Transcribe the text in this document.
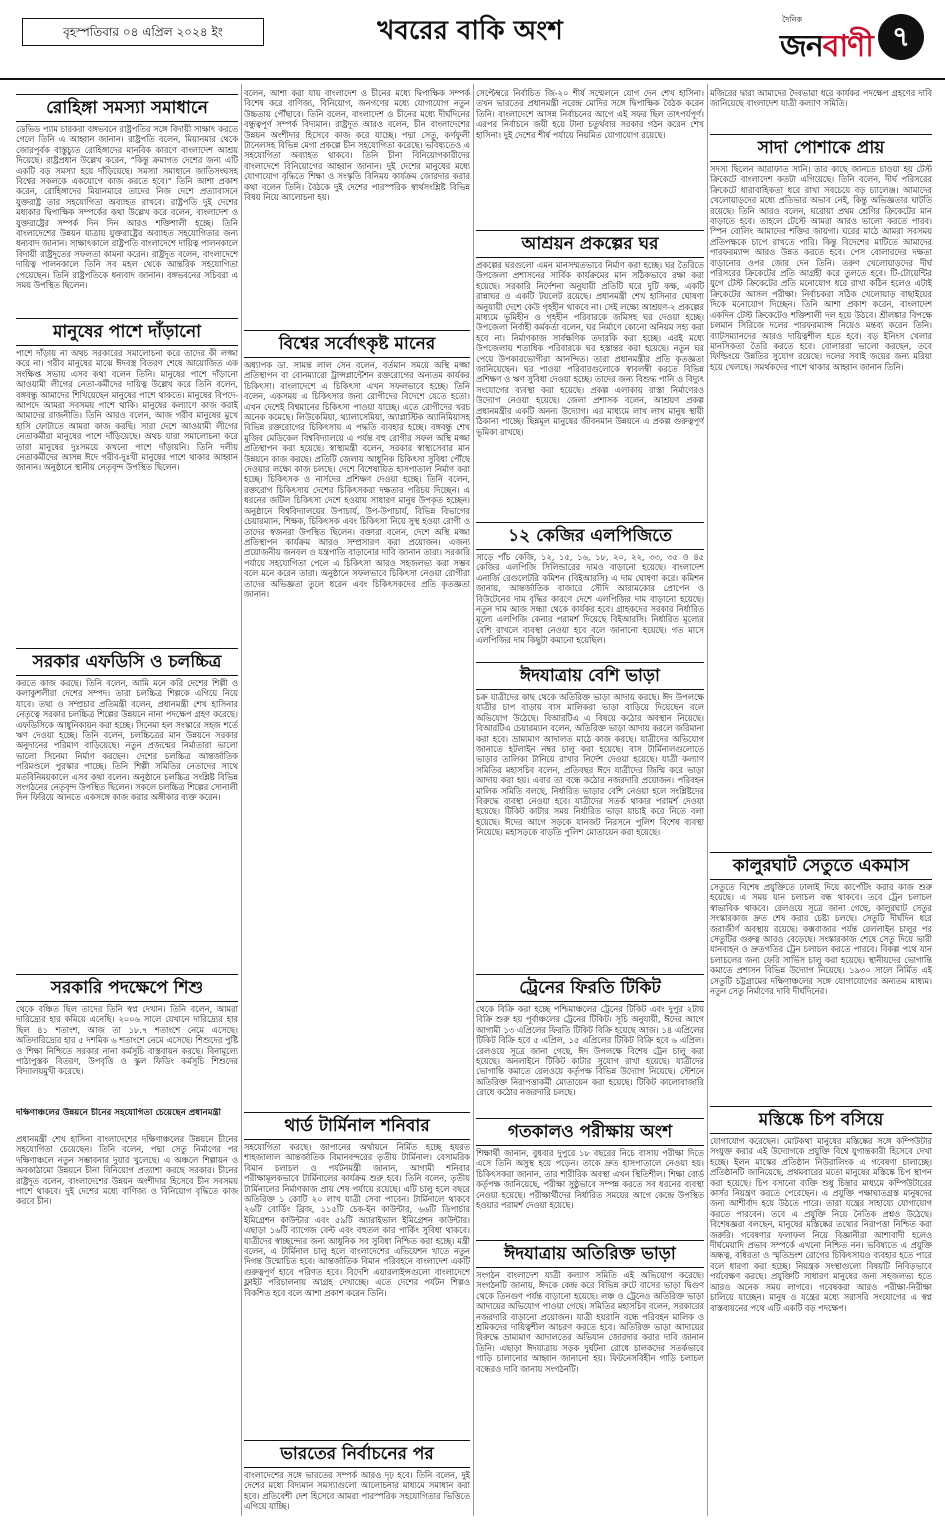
বৃহস্পতিবার ০৪ এপ্রিল ২০২৪ ইং	খবরের বাকি অংশ	দৈনিক
জনবাণী ৭
রোহিঙ্গা সমস্যা সমাধানে
ডেভিড প্যাম চারকরা বঙ্গভবনে রাষ্ট্রপতির সঙ্গে বিদায়ী সাক্ষাৎ করতে গেলে তিনি এ আহ্বান জানান। রাষ্ট্রপতি বলেন, মিয়ানমার থেকে জোরপূর্বক বাস্তুচ্যুত রোহিঙ্গাদের মানবিক কারণে বাংলাদেশ আশ্রয় দিয়েছে। রাষ্ট্রপ্রধান উল্লেখ করেন, “কিন্তু ক্রমাগত দেশের জন্য এটি একটি বড় সমস্যা হয়ে দাঁড়িয়েছে। সমস্যা সমাধানে জাতিসংঘসহ বিশ্বের সকলকে একযোগে কাজ করতে হবে।” তিনি আশা প্রকাশ করেন, রোহিঙ্গাদের মিয়ানমারে তাদের নিজ দেশে প্রত্যাবাসনে যুক্তরাষ্ট্র তার সহযোগিতা অব্যাহত রাখবে। রাষ্ট্রপতি দুই দেশের মধ্যকার দ্বিপাক্ষিক সম্পর্কের কথা উল্লেখ করে বলেন, বাংলাদেশ ও যুক্তরাষ্ট্রের সম্পর্ক দিন দিন আরও শক্তিশালী হচ্ছে। তিনি বাংলাদেশের উন্নয়ন যাত্রায় যুক্তরাষ্ট্রের অব্যাহত সহযোগিতার জন্য ধন্যবাদ জানান। সাক্ষাৎকালে রাষ্ট্রপতি বাংলাদেশে দায়িত্ব পালনকালে বিদায়ী রাষ্ট্রদূতের সফলতা কামনা করেন। রাষ্ট্রদূত বলেন, বাংলাদেশে দায়িত্ব পালনকালে তিনি সব মহল থেকে আন্তরিক সহযোগিতা পেয়েছেন। তিনি রাষ্ট্রপতিকে ধন্যবাদ জানান। বঙ্গভবনের সচিবরা এ সময় উপস্থিত ছিলেন।
মানুষের পাশে দাঁড়ানো
পাশে দাঁড়ায় না অথচ সরকারের সমালোচনা করে তাদের কী লজ্জা করে না। গরীব মানুষের মাঝে ঈদবস্ত্র বিতরণ শেষে আয়োজিত এক সংক্ষিপ্ত সভায় এসব কথা বলেন তিনি। মানুষের পাশে দাঁড়ানো আওয়ামী লীগের নেতা-কর্মীদের দায়িত্ব উল্লেখ করে তিনি বলেন, বঙ্গবন্ধু আমাদের শিখিয়েছেন মানুষের পাশে থাকতে। মানুষের বিপদে-আপদে আমরা সবসময় পাশে থাকি। মানুষের কল্যাণে কাজ করাই আমাদের রাজনীতি। তিনি আরও বলেন, আজ গরীব মানুষের মুখে হাসি ফোটাতে আমরা কাজ করছি। সারা দেশে আওয়ামী লীগের নেতাকর্মীরা মানুষের পাশে দাঁড়িয়েছে। অথচ যারা সমালোচনা করে তারা মানুষের দুঃসময়ে কখনো পাশে দাঁড়ায়নি। তিনি দলীয় নেতাকর্মীদের আসন্ন ঈদে গরীব-দুঃখী মানুষের পাশে থাকার আহ্বান জানান। অনুষ্ঠানে স্থানীয় নেতৃবৃন্দ উপস্থিত ছিলেন।
সরকার এফডিসি ও চলচ্চিত্র
করতে কাজ করছে। তিনি বলেন, আমি মনে করি দেশের শিল্পী ও কলাকুশলীরা দেশের সম্পদ। তারা চলচ্চিত্র শিল্পকে এগিয়ে নিয়ে যাবে। তথ্য ও সম্প্রচার প্রতিমন্ত্রী বলেন, প্রধানমন্ত্রী শেখ হাসিনার নেতৃত্বে সরকার চলচ্চিত্র শিল্পের উন্নয়নে নানা পদক্ষেপ গ্রহণ করেছে। এফডিসিকে আধুনিকায়ন করা হচ্ছে। সিনেমা হল সংস্কারে সহজ শর্তে ঋণ দেওয়া হচ্ছে। তিনি বলেন, চলচ্চিত্রের মান উন্নয়নে সরকার অনুদানের পরিমাণ বাড়িয়েছে। নতুন প্রজন্মের নির্মাতারা ভালো ভালো সিনেমা নির্মাণ করছেন। দেশের চলচ্চিত্র আন্তর্জাতিক পরিমণ্ডলে পুরস্কার পাচ্ছে। তিনি শিল্পী সমিতির নেতাদের সাথে মতবিনিময়কালে এসব কথা বলেন। অনুষ্ঠানে চলচ্চিত্র সংশ্লিষ্ট বিভিন্ন সংগঠনের নেতৃবৃন্দ উপস্থিত ছিলেন। সকলে চলচ্চিত্র শিল্পের সোনালী দিন ফিরিয়ে আনতে একসঙ্গে কাজ করার অঙ্গীকার ব্যক্ত করেন।
সরকারি পদক্ষেপে শিশু
থেকে বঞ্চিত ছিল তাদের তিনি স্বপ্ন দেখান। তিনি বলেন, আমরা দারিদ্র্যের হার কমিয়ে এনেছি। ২০০৬ সালে যেখানে দারিদ্র্যের হার ছিল ৪১ শতাংশ, আজ তা ১৮.৭ শতাংশে নেমে এসেছে। অতিদারিদ্র্যের হার ৫ দশমিক ৬ শতাংশে নেমে এসেছে। শিশুদের পুষ্টি ও শিক্ষা নিশ্চিতে সরকার নানা কর্মসূচি বাস্তবায়ন করছে। বিনামূল্যে পাঠ্যপুস্তক বিতরণ, উপবৃত্তি ও স্কুল ফিডিং কর্মসূচি শিশুদের বিদ্যালয়মুখী করেছে।
দক্ষিণাঞ্চলের উন্নয়নে চীনের সহযোগিতা চেয়েছেন প্রধানমন্ত্রী
প্রধানমন্ত্রী শেখ হাসিনা বাংলাদেশের দক্ষিণাঞ্চলের উন্নয়নে চীনের সহযোগিতা চেয়েছেন। তিনি বলেন, পদ্মা সেতু নির্মাণের পর দক্ষিণাঞ্চলে নতুন সম্ভাবনার দুয়ার খুলেছে। এ অঞ্চলে শিল্পায়ন ও অবকাঠামো উন্নয়নে চীনা বিনিয়োগ প্রত্যাশা করছে সরকার। চীনের রাষ্ট্রদূত বলেন, বাংলাদেশের উন্নয়ন অংশীদার হিসেবে চীন সবসময় পাশে থাকবে। দুই দেশের মধ্যে বাণিজ্য ও বিনিয়োগ বৃদ্ধিতে কাজ করবে চীন।
বলেন, আশা করা যায় বাংলাদেশ ও চীনের মধ্যে দ্বিপাক্ষিক সম্পর্ক বিশেষ করে বাণিজ্য, বিনিয়োগ, জনগণের মধ্যে যোগাযোগ নতুন উচ্চতায় পৌঁছাবে। তিনি বলেন, বাংলাদেশ ও চীনের মধ্যে দীর্ঘদিনের বন্ধুত্বপূর্ণ সম্পর্ক বিদ্যমান। রাষ্ট্রদূত আরও বলেন, চীন বাংলাদেশের উন্নয়ন অংশীদার হিসেবে কাজ করে যাচ্ছে। পদ্মা সেতু, কর্ণফুলী টানেলসহ বিভিন্ন মেগা প্রকল্পে চীন সহযোগিতা করেছে। ভবিষ্যতেও এ সহযোগিতা অব্যাহত থাকবে। তিনি চীনা বিনিয়োগকারীদের বাংলাদেশে বিনিয়োগের আহ্বান জানান। দুই দেশের মানুষের মধ্যে যোগাযোগ বৃদ্ধিতে শিক্ষা ও সংস্কৃতি বিনিময় কার্যক্রম জোরদার করার কথা বলেন তিনি। বৈঠকে দুই দেশের পারস্পরিক স্বার্থসংশ্লিষ্ট বিভিন্ন বিষয় নিয়ে আলোচনা হয়।
বিশ্বের সর্বোৎকৃষ্ট মানের
অধ্যাপক ডা. সামন্ত লাল সেন বলেন, বর্তমান সময়ে অস্থি মজ্জা প্রতিস্থাপন বা বোনম্যারো ট্রান্সপ্লান্টেশন রক্তরোগের অন্যতম কার্যকর চিকিৎসা। বাংলাদেশে এ চিকিৎসা এখন সফলভাবে হচ্ছে। তিনি বলেন, একসময় এ চিকিৎসার জন্য রোগীদের বিদেশে যেতে হতো। এখন দেশেই বিশ্বমানের চিকিৎসা পাওয়া যাচ্ছে। এতে রোগীদের খরচ অনেক কমেছে। লিউকেমিয়া, থ্যালাসেমিয়া, অ্যাপ্লাস্টিক অ্যানিমিয়াসহ বিভিন্ন রক্তরোগের চিকিৎসায় এ পদ্ধতি ব্যবহার হচ্ছে। বঙ্গবন্ধু শেখ মুজিব মেডিকেল বিশ্ববিদ্যালয়ে এ পর্যন্ত বহু রোগীর সফল অস্থি মজ্জা প্রতিস্থাপন করা হয়েছে। স্বাস্থ্যমন্ত্রী বলেন, সরকার স্বাস্থ্যসেবার মান উন্নয়নে কাজ করছে। প্রতিটি জেলায় আধুনিক চিকিৎসা সুবিধা পৌঁছে দেওয়ার লক্ষ্যে কাজ চলছে। দেশে বিশেষায়িত হাসপাতাল নির্মাণ করা হচ্ছে। চিকিৎসক ও নার্সদের প্রশিক্ষণ দেওয়া হচ্ছে। তিনি বলেন, রক্তরোগ চিকিৎসায় দেশের চিকিৎসকরা দক্ষতার পরিচয় দিচ্ছেন। এ ধরনের জটিল চিকিৎসা দেশে হওয়ায় সাধারণ মানুষ উপকৃত হচ্ছেন। অনুষ্ঠানে বিশ্ববিদ্যালয়ের উপাচার্য, উপ-উপাচার্য, বিভিন্ন বিভাগের চেয়ারম্যান, শিক্ষক, চিকিৎসক এবং চিকিৎসা নিয়ে সুস্থ হওয়া রোগী ও তাদের স্বজনরা উপস্থিত ছিলেন। বক্তারা বলেন, দেশে অস্থি মজ্জা প্রতিস্থাপন কার্যক্রম আরও সম্প্রসারণ করা প্রয়োজন। এজন্য প্রয়োজনীয় জনবল ও যন্ত্রপাতি বাড়ানোর দাবি জানান তারা। সরকারি পর্যায়ে সহযোগিতা পেলে এ চিকিৎসা আরও সহজলভ্য করা সম্ভব বলে মনে করেন তারা। অনুষ্ঠানে সফলভাবে চিকিৎসা নেওয়া রোগীরা তাদের অভিজ্ঞতা তুলে ধরেন এবং চিকিৎসকদের প্রতি কৃতজ্ঞতা জানান।
থার্ড টার্মিনাল শনিবার
সহযোগিতা করছে। জাপানের অর্থায়নে নির্মিত হচ্ছে হযরত শাহজালাল আন্তর্জাতিক বিমানবন্দরের তৃতীয় টার্মিনাল। বেসামরিক বিমান চলাচল ও পর্যটনমন্ত্রী জানান, আগামী শনিবার পরীক্ষামূলকভাবে টার্মিনালের কার্যক্রম শুরু হবে। তিনি বলেন, তৃতীয় টার্মিনালের নির্মাণকাজ প্রায় শেষ পর্যায়ে রয়েছে। এটি চালু হলে বছরে অতিরিক্ত ১ কোটি ২০ লাখ যাত্রী সেবা পাবেন। টার্মিনালে থাকবে ২৬টি বোর্ডিং ব্রিজ, ১১৫টি চেক-ইন কাউন্টার, ৬৬টি ডিপার্চার ইমিগ্রেশন কাউন্টার এবং ৫৯টি অ্যারাইভাল ইমিগ্রেশন কাউন্টার। এছাড়া ১৬টি ব্যাগেজ বেল্ট এবং বহুতল কার পার্কিং সুবিধা থাকবে। যাত্রীদের স্বাচ্ছন্দ্যের জন্য আধুনিক সব সুবিধা নিশ্চিত করা হচ্ছে। মন্ত্রী বলেন, এ টার্মিনাল চালু হলে বাংলাদেশের এভিয়েশন খাতে নতুন দিগন্ত উন্মোচিত হবে। আন্তর্জাতিক বিমান পরিবহনে বাংলাদেশ একটি গুরুত্বপূর্ণ হাবে পরিণত হবে। বিদেশি এয়ারলাইন্সগুলো বাংলাদেশে ফ্লাইট পরিচালনায় আগ্রহ দেখাচ্ছে। এতে দেশের পর্যটন শিল্পও বিকশিত হবে বলে আশা প্রকাশ করেন তিনি।
ভারতের নির্বাচনের পর
বাংলাদেশের সঙ্গে ভারতের সম্পর্ক আরও দৃঢ় হবে। তিনি বলেন, দুই দেশের মধ্যে বিদ্যমান সমস্যাগুলো আলোচনার মাধ্যমে সমাধান করা হবে। প্রতিবেশী দেশ হিসেবে আমরা পারস্পরিক সহযোগিতার ভিত্তিতে এগিয়ে যাচ্ছি।
সেপ্টেম্বরে নির্বাচিত জি-২০ শীর্ষ সম্মেলনে যোগ দেন শেখ হাসিনা। তখন ভারতের প্রধানমন্ত্রী নরেন্দ্র মোদির সঙ্গে দ্বিপাক্ষিক বৈঠক করেন তিনি। বাংলাদেশে আসন্ন নির্বাচনের আগে এই সফর ছিল তাৎপর্যপূর্ণ। এরপর নির্বাচনে জয়ী হয়ে টানা চতুর্থবার সরকার গঠন করেন শেখ হাসিনা। দুই দেশের শীর্ষ পর্যায়ে নিয়মিত যোগাযোগ রয়েছে।
আশ্রয়ন প্রকল্পের ঘর
প্রকল্পের ঘরগুলো এমন মানসম্মতভাবে নির্মাণ করা হচ্ছে। ঘর তৈরিতে উপজেলা প্রশাসনের সার্বিক কার্যক্রমের মান সঠিকভাবে রক্ষা করা হয়েছে। সরকারি নির্দেশনা অনুযায়ী প্রতিটি ঘরে দুটি কক্ষ, একটি রান্নাঘর ও একটি টয়লেট রয়েছে। প্রধানমন্ত্রী শেখ হাসিনার ঘোষণা অনুযায়ী দেশে কেউ গৃহহীন থাকবে না। সেই লক্ষ্যে আশ্রয়ণ-২ প্রকল্পের মাধ্যমে ভূমিহীন ও গৃহহীন পরিবারকে জমিসহ ঘর দেওয়া হচ্ছে। উপজেলা নির্বাহী কর্মকর্তা বলেন, ঘর নির্মাণে কোনো অনিয়ম সহ্য করা হবে না। নির্মাণকাজ সার্বক্ষণিক তদারকি করা হচ্ছে। এরই মধ্যে উপজেলায় শতাধিক পরিবারকে ঘর হস্তান্তর করা হয়েছে। নতুন ঘর পেয়ে উপকারভোগীরা আনন্দিত। তারা প্রধানমন্ত্রীর প্রতি কৃতজ্ঞতা জানিয়েছেন। ঘর পাওয়া পরিবারগুলোকে স্বাবলম্বী করতে বিভিন্ন প্রশিক্ষণ ও ঋণ সুবিধা দেওয়া হচ্ছে। তাদের জন্য বিশুদ্ধ পানি ও বিদ্যুৎ সংযোগের ব্যবস্থা করা হয়েছে। প্রকল্প এলাকায় রাস্তা নির্মাণেরও উদ্যোগ নেওয়া হয়েছে। জেলা প্রশাসক বলেন, আশ্রয়ণ প্রকল্প প্রধানমন্ত্রীর একটি অনন্য উদ্যোগ। এর মাধ্যমে লাখ লাখ মানুষ স্থায়ী ঠিকানা পাচ্ছে। ছিন্নমূল মানুষের জীবনমান উন্নয়নে এ প্রকল্প গুরুত্বপূর্ণ ভূমিকা রাখছে।
১২ কেজির এলপিজিতে
সাড়ে পাঁচ কেজি, ১২, ১৫, ১৬, ১৮, ২০, ২২, ৩৩, ৩৫ ও ৪৫ কেজির এলপিজি সিলিন্ডারের দামও বাড়ানো হয়েছে। বাংলাদেশ এনার্জি রেগুলেটরি কমিশন (বিইআরসি) এ দাম ঘোষণা করে। কমিশন জানায়, আন্তর্জাতিক বাজারে সৌদি আরামকোর প্রোপেন ও বিউটেনের দাম বৃদ্ধির কারণে দেশে এলপিজির দাম বাড়ানো হয়েছে। নতুন দাম আজ সন্ধ্যা থেকে কার্যকর হবে। গ্রাহকদের সরকার নির্ধারিত মূল্যে এলপিজি কেনার পরামর্শ দিয়েছে বিইআরসি। নির্ধারিত মূল্যের বেশি রাখলে ব্যবস্থা নেওয়া হবে বলে জানানো হয়েছে। গত মাসে এলপিজির দাম কিছুটা কমানো হয়েছিল।
ঈদযাত্রায় বেশি ভাড়া
চক্র যাত্রীদের কাছ থেকে অতিরিক্ত ভাড়া আদায় করছে। ঈদ উপলক্ষে যাত্রীর চাপ বাড়ায় বাস মালিকরা ভাড়া বাড়িয়ে দিয়েছেন বলে অভিযোগ উঠেছে। বিআরটিএ এ বিষয়ে কঠোর অবস্থান নিয়েছে। বিআরটিএ চেয়ারম্যান বলেন, অতিরিক্ত ভাড়া আদায় করলে জরিমানা করা হবে। ভ্রাম্যমাণ আদালত মাঠে কাজ করছে। যাত্রীদের অভিযোগ জানাতে হটলাইন নম্বর চালু করা হয়েছে। বাস টার্মিনালগুলোতে ভাড়ার তালিকা টানিয়ে রাখার নির্দেশ দেওয়া হয়েছে। যাত্রী কল্যাণ সমিতির মহাসচিব বলেন, প্রতিবছর ঈদে যাত্রীদের জিম্মি করে ভাড়া আদায় করা হয়। এবার তা বন্ধে কঠোর নজরদারি প্রয়োজন। পরিবহন মালিক সমিতি বলছে, নির্ধারিত ভাড়ার বেশি নেওয়া হলে সংশ্লিষ্টদের বিরুদ্ধে ব্যবস্থা নেওয়া হবে। যাত্রীদের সতর্ক থাকার পরামর্শ দেওয়া হয়েছে। টিকিট কাটার সময় নির্ধারিত ভাড়া যাচাই করে নিতে বলা হয়েছে। ঈদের আগে সড়কে যানজট নিরসনে পুলিশ বিশেষ ব্যবস্থা নিয়েছে। মহাসড়কে বাড়তি পুলিশ মোতায়েন করা হয়েছে।
ট্রেনের ফিরতি টিকিট
থেকে বিক্রি করা হচ্ছে পশ্চিমাঞ্চলের ট্রেনের টিকিট এবং দুপুর ২টায় বিক্রি শুরু হয় পূর্বাঞ্চলের ট্রেনের টিকিট। সূচি অনুযায়ী, ঈদের আগে আগামী ১৩ এপ্রিলের ফিরতি টিকিট বিক্রি হয়েছে আজ। ১৪ এপ্রিলের টিকিট বিক্রি হবে ৫ এপ্রিল, ১৫ এপ্রিলের টিকিট বিক্রি হবে ৬ এপ্রিল। রেলওয়ে সূত্রে জানা গেছে, ঈদ উপলক্ষে বিশেষ ট্রেন চালু করা হয়েছে। অনলাইনে টিকিট কাটার সুযোগ রাখা হয়েছে। যাত্রীদের ভোগান্তি কমাতে রেলওয়ে কর্তৃপক্ষ বিভিন্ন উদ্যোগ নিয়েছে। স্টেশনে অতিরিক্ত নিরাপত্তাকর্মী মোতায়েন করা হয়েছে। টিকিট কালোবাজারি রোধে কঠোর নজরদারি চলছে।
গতকালও পরীক্ষায় অংশ
শিক্ষার্থী জানান, বুধবার দুপুরে ১৮ বছরের নিচে বাসায় পরীক্ষা দিতে এসে তিনি অসুস্থ হয়ে পড়েন। তাকে দ্রুত হাসপাতালে নেওয়া হয়। চিকিৎসকরা জানান, তার শারীরিক অবস্থা এখন স্থিতিশীল। শিক্ষা বোর্ড কর্তৃপক্ষ জানিয়েছে, পরীক্ষা সুষ্ঠুভাবে সম্পন্ন করতে সব ধরনের ব্যবস্থা নেওয়া হয়েছে। পরীক্ষার্থীদের নির্ধারিত সময়ের আগে কেন্দ্রে উপস্থিত হওয়ার পরামর্শ দেওয়া হয়েছে।
ঈদযাত্রায় অতিরিক্ত ভাড়া
সংগঠন বাংলাদেশ যাত্রী কল্যাণ সমিতি এই অভিযোগ করেছে। সংগঠনটি জানায়, ঈদকে কেন্দ্র করে বিভিন্ন রুটে বাসের ভাড়া দ্বিগুণ থেকে তিনগুণ পর্যন্ত বাড়ানো হয়েছে। লঞ্চ ও ট্রেনেও অতিরিক্ত ভাড়া আদায়ের অভিযোগ পাওয়া গেছে। সমিতির মহাসচিব বলেন, সরকারের নজরদারি বাড়ানো প্রয়োজন। যাত্রী হয়রানি বন্ধে পরিবহন মালিক ও শ্রমিকদের দায়িত্বশীল আচরণ করতে হবে। অতিরিক্ত ভাড়া আদায়ের বিরুদ্ধে ভ্রাম্যমাণ আদালতের অভিযান জোরদার করার দাবি জানান তিনি। এছাড়া ঈদযাত্রায় সড়ক দুর্ঘটনা রোধে চালকদের সতর্কভাবে গাড়ি চালানোর আহ্বান জানানো হয়। ফিটনেসবিহীন গাড়ি চলাচল বন্ধেরও দাবি জানায় সংগঠনটি।
মজিরের দ্বারা আমাদের দৈবভাৱা ধরে কার্যকর পদক্ষেপ গ্রহণের দাবি জানিয়েছে বাংলাদেশ যাত্রী কল্যাণ সমিতি।
সাদা পোশাকে প্রায়
সদস্য ছিলেন আরাফাত সানি। তার কাছে জানতে চাওয়া হয় টেস্ট ক্রিকেটে বাংলাদেশ কতটা এগিয়েছে। তিনি বলেন, দীর্ঘ পরিসরের ক্রিকেটে ধারাবাহিকতা ধরে রাখা সবচেয়ে বড় চ্যালেঞ্জ। আমাদের খেলোয়াড়দের মধ্যে প্রতিভার অভাব নেই, কিন্তু অভিজ্ঞতার ঘাটতি রয়েছে। তিনি আরও বলেন, ঘরোয়া প্রথম শ্রেণির ক্রিকেটের মান বাড়াতে হবে। তাহলে টেস্টে আমরা আরও ভালো করতে পারব। স্পিন বোলিং আমাদের শক্তির জায়গা। ঘরের মাঠে আমরা সবসময় প্রতিপক্ষকে চাপে রাখতে পারি। কিন্তু বিদেশের মাটিতে আমাদের পারফরম্যান্স আরও উন্নত করতে হবে। পেস বোলারদের দক্ষতা বাড়ানোর ওপর জোর দেন তিনি। তরুণ খেলোয়াড়দের দীর্ঘ পরিসরের ক্রিকেটের প্রতি আগ্রহী করে তুলতে হবে। টি-টোয়েন্টির যুগে টেস্ট ক্রিকেটের প্রতি মনোযোগ ধরে রাখা কঠিন হলেও এটাই ক্রিকেটের আসল পরীক্ষা। নির্বাচকরা সঠিক খেলোয়াড় বাছাইয়ের দিকে মনোযোগ দিচ্ছেন। তিনি আশা প্রকাশ করেন, বাংলাদেশ একদিন টেস্ট ক্রিকেটেও শক্তিশালী দল হয়ে উঠবে। শ্রীলঙ্কার বিপক্ষে চলমান সিরিজে দলের পারফরম্যান্স নিয়েও মন্তব্য করেন তিনি। ব্যাটসম্যানদের আরও দায়িত্বশীল হতে হবে। বড় ইনিংস খেলার মানসিকতা তৈরি করতে হবে। বোলাররা ভালো করছেন, তবে ফিল্ডিংয়ে উন্নতির সুযোগ রয়েছে। দলের সবাই জয়ের জন্য মরিয়া হয়ে খেলছে। সমর্থকদের পাশে থাকার আহ্বান জানান তিনি।
কালুরঘাট সেতুতে একমাস
সেতুতে বিশেষ প্রযুক্তিতে ঢালাই দিয়ে কার্পেটিং করার কাজ শুরু হয়েছে। এ সময় যান চলাচল বন্ধ থাকবে। তবে ট্রেন চলাচল স্বাভাবিক থাকবে। রেলওয়ে সূত্রে জানা গেছে, কালুরঘাট সেতুর সংস্কারকাজ দ্রুত শেষ করার চেষ্টা চলছে। সেতুটি দীর্ঘদিন ধরে জরাজীর্ণ অবস্থায় রয়েছে। কক্সবাজার পর্যন্ত রেললাইন চালুর পর সেতুটির গুরুত্ব আরও বেড়েছে। সংস্কারকাজ শেষে সেতু দিয়ে ভারী যানবাহন ও দ্রুতগতির ট্রেন চলাচল করতে পারবে। বিকল্প পথে যান চলাচলের জন্য ফেরি সার্ভিস চালু করা হয়েছে। স্থানীয়দের ভোগান্তি কমাতে প্রশাসন বিভিন্ন উদ্যোগ নিয়েছে। ১৯৩০ সালে নির্মিত এই সেতুটি চট্টগ্রামের দক্ষিণাঞ্চলের সঙ্গে যোগাযোগের অন্যতম মাধ্যম। নতুন সেতু নির্মাণের দাবি দীর্ঘদিনের।
মস্তিষ্কে চিপ বসিয়ে
যোগাযোগ করেছেন। মোটকথা মানুষের মস্তিষ্কের সঙ্গে কম্পিউটার সংযুক্ত করার এই উদ্যোগকে প্রযুক্তি বিশ্বে যুগান্তকারী হিসেবে দেখা হচ্ছে। ইলন মাস্কের প্রতিষ্ঠান নিউরালিংক এ গবেষণা চালাচ্ছে। প্রতিষ্ঠানটি জানিয়েছে, প্রথমবারের মতো মানুষের মস্তিষ্কে চিপ স্থাপন করা হয়েছে। চিপ বসানো ব্যক্তি শুধু চিন্তার মাধ্যমে কম্পিউটারের কার্সর নিয়ন্ত্রণ করতে পেরেছেন। এ প্রযুক্তি পক্ষাঘাতগ্রস্ত মানুষদের জন্য আশীর্বাদ হয়ে উঠতে পারে। তারা যন্ত্রের সাহায্যে যোগাযোগ করতে পারবেন। তবে এ প্রযুক্তি নিয়ে নৈতিক প্রশ্নও উঠেছে। বিশেষজ্ঞরা বলছেন, মানুষের মস্তিষ্কের তথ্যের নিরাপত্তা নিশ্চিত করা জরুরি। গবেষণার ফলাফল নিয়ে বিজ্ঞানীরা আশাবাদী হলেও দীর্ঘমেয়াদি প্রভাব সম্পর্কে এখনো নিশ্চিত নন। ভবিষ্যতে এ প্রযুক্তি অন্ধত্ব, বধিরতা ও স্মৃতিভ্রংশ রোগের চিকিৎসায়ও ব্যবহার হতে পারে বলে ধারণা করা হচ্ছে। নিয়ন্ত্রক সংস্থাগুলো বিষয়টি নিবিড়ভাবে পর্যবেক্ষণ করছে। প্রযুক্তিটি সাধারণ মানুষের জন্য সহজলভ্য হতে আরও অনেক সময় লাগবে। গবেষকরা আরও পরীক্ষা-নিরীক্ষা চালিয়ে যাচ্ছেন। মানুষ ও যন্ত্রের মধ্যে সরাসরি সংযোগের এ স্বপ্ন বাস্তবায়নের পথে এটি একটি বড় পদক্ষেপ।
